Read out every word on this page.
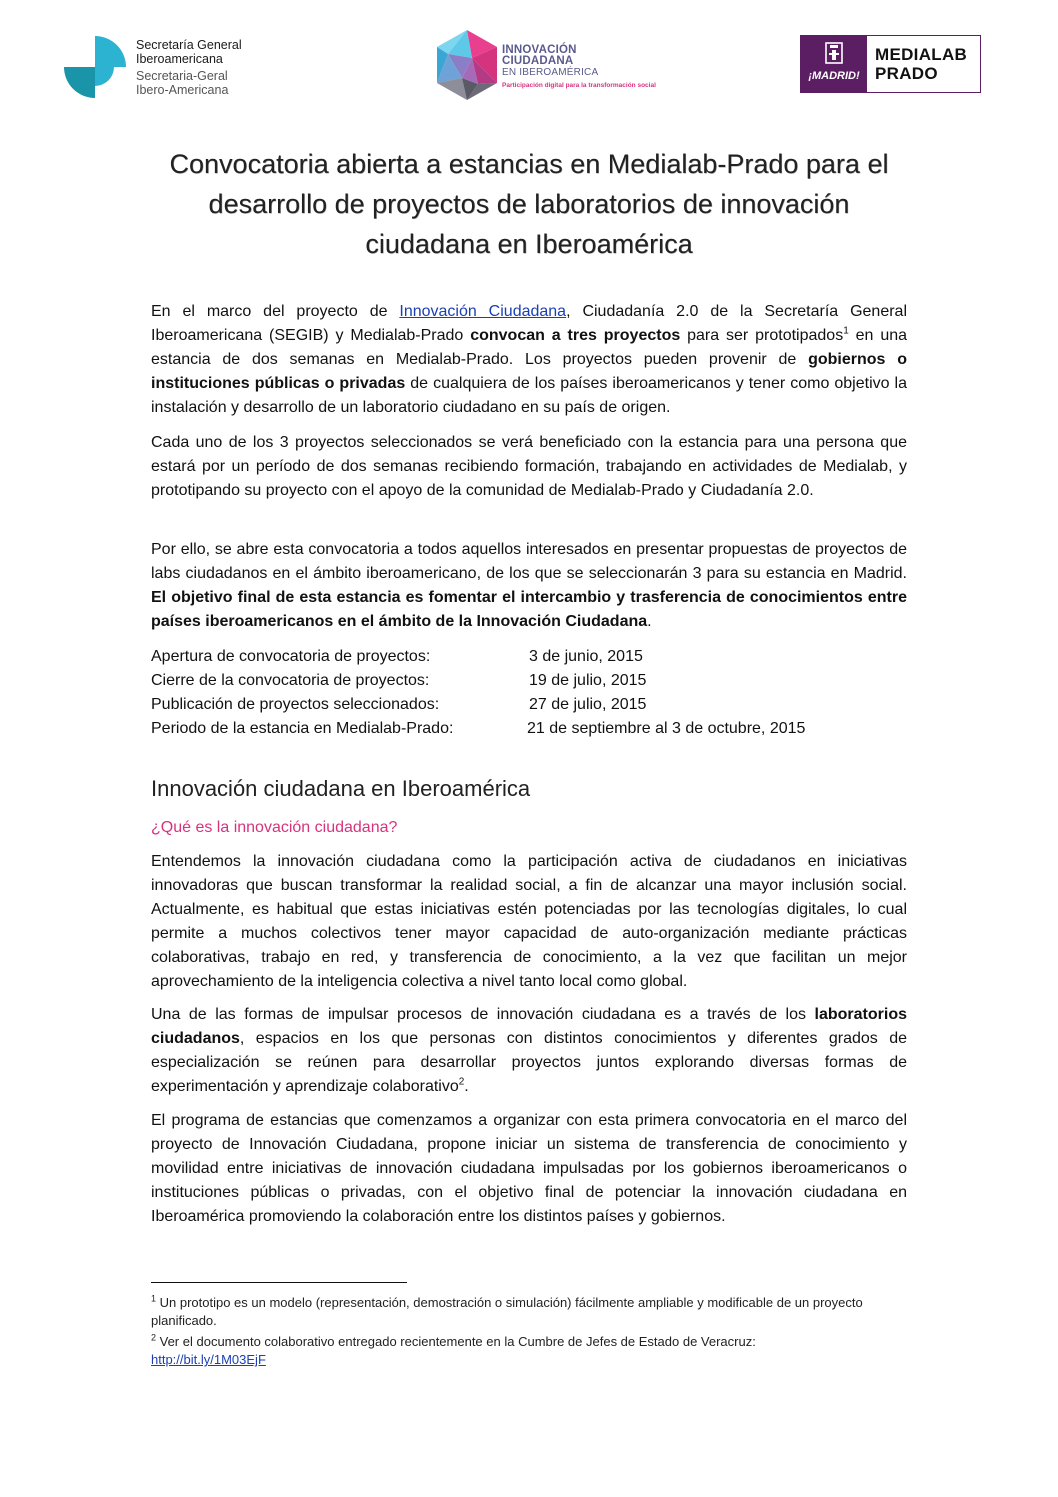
Secretaría General
Iberoamericana
Secretaria-Geral
Ibero-Americana
INNOVACIÓN
CIUDADANA
EN IBEROAMÉRICA
Participación digital para la transformación social
¡MADRID!
MEDIALAB
PRADO
Convocatoria abierta a estancias en Medialab-Prado para el
desarrollo de proyectos de laboratorios de innovación
ciudadana en Iberoamérica

En el marco del proyecto de Innovación Ciudadana, Ciudadanía 2.0 de la Secretaría General Iberoamericana (SEGIB) y Medialab-Prado convocan a tres proyectos para ser prototipados$^1$ en una estancia de dos semanas en Medialab-Prado. Los proyectos pueden provenir de gobiernos o instituciones públicas o privadas de cualquiera de los países iberoamericanos y tener como objetivo la instalación y desarrollo de un laboratorio ciudadano en su país de origen.

Cada uno de los 3 proyectos seleccionados se verá beneficiado con la estancia para una persona que estará por un período de dos semanas recibiendo formación, trabajando en actividades de Medialab, y prototipando su proyecto con el apoyo de la comunidad de Medialab-Prado y Ciudadanía 2.0.

Por ello, se abre esta convocatoria a todos aquellos interesados en presentar propuestas de proyectos de labs ciudadanos en el ámbito iberoamericano, de los que se seleccionarán 3 para su estancia en Madrid. El objetivo final de esta estancia es fomentar el intercambio y trasferencia de conocimientos entre países iberoamericanos en el ámbito de la Innovación Ciudadana.

Apertura de convocatoria de proyectos:	3 de junio, 2015
Cierre de la convocatoria de proyectos:	19 de julio, 2015
Publicación de proyectos seleccionados:	27 de julio, 2015
Periodo de la estancia en Medialab-Prado:	21 de septiembre al 3 de octubre, 2015
Innovación ciudadana en Iberoamérica
¿Qué es la innovación ciudadana?

Entendemos la innovación ciudadana como la participación activa de ciudadanos en iniciativas innovadoras que buscan transformar la realidad social, a fin de alcanzar una mayor inclusión social. Actualmente, es habitual que estas iniciativas estén potenciadas por las tecnologías digitales, lo cual permite a muchos colectivos tener mayor capacidad de auto-organización mediante prácticas colaborativas, trabajo en red, y transferencia de conocimiento, a la vez que facilitan un mejor aprovechamiento de la inteligencia colectiva a nivel tanto local como global.

Una de las formas de impulsar procesos de innovación ciudadana es a través de los laboratorios ciudadanos, espacios en los que personas con distintos conocimientos y diferentes grados de especialización se reúnen para desarrollar proyectos juntos explorando diversas formas de experimentación y aprendizaje colaborativo$^2$.

El programa de estancias que comenzamos a organizar con esta primera convocatoria en el marco del proyecto de Innovación Ciudadana, propone iniciar un sistema de transferencia de conocimiento y movilidad entre iniciativas de innovación ciudadana impulsadas por los gobiernos iberoamericanos o instituciones públicas o privadas, con el objetivo final de potenciar la innovación ciudadana en Iberoamérica promoviendo la colaboración entre los distintos países y gobiernos.

$^1$ Un prototipo es un modelo (representación, demostración o simulación) fácilmente ampliable y modificable de un proyecto planificado.

$^2$ Ver el documento colaborativo entregado recientemente en la Cumbre de Jefes de Estado de Veracruz:
http://bit.ly/1M03EjF
